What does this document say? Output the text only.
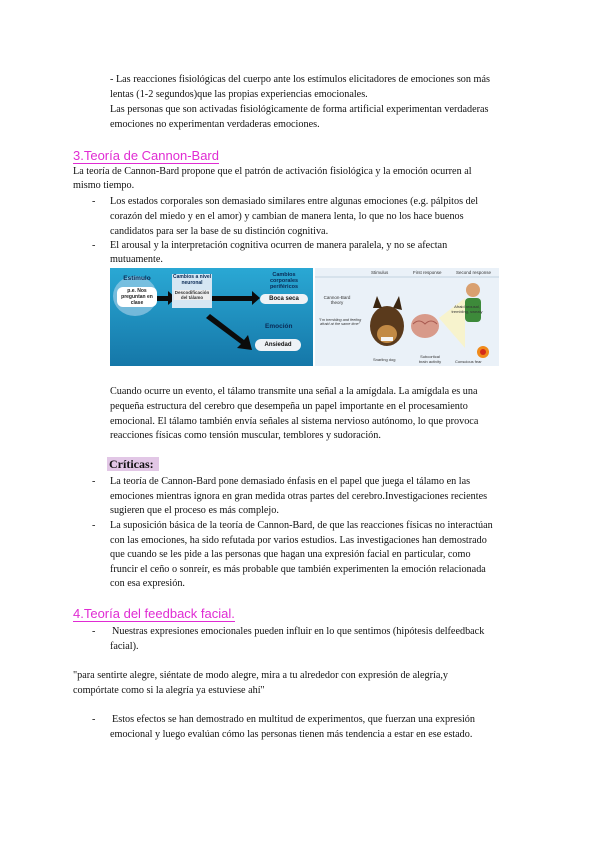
- Las reacciones fisiológicas del cuerpo ante los estímulos elicitadores de emociones son más
lentas (1-2 segundos)que las propias experiencias emocionales.
Las personas que son activadas fisiológicamente de forma artificial experimentan verdaderas
emociones no experimentan verdaderas emociones.
3.Teoría de Cannon-Bard
La teoría de Cannon-Bard propone que el patrón de activación fisiológica y la emoción ocurren al
mismo tiempo.
- Los estados corporales son demasiado similares entre algunas emociones (e.g. pálpitos del
corazón del miedo y en el amor) y cambian de manera lenta, lo que no los hace buenos
candidatos para ser la base de su distinción cognitiva.
- El arousal y la interpretación cognitiva ocurren de manera paralela, y no se afectan
mutuamente.
Estímulo
p.e. Nos preguntan en clase
Cambios a nivel neuronal
Descodificación del tálamo
Cambios corporales periféricos
Boca seca
Emoción
Ansiedad
Stimulus	First response	Second response
Cannon-Bard theory
"I'm trembling and feeling afraid at the same time"
Snarling dog
Subcortical brain activity
Afraid arousal, trembling, sweaty
Conscious fear
Cuando ocurre un evento, el tálamo transmite una señal a la amígdala. La amígdala es una
pequeña estructura del cerebro que desempeña un papel importante en el procesamiento
emocional. El tálamo también envía señales al sistema nervioso autónomo, lo que provoca
reacciones físicas como tensión muscular, temblores y sudoración.
Críticas:
- La teoría de Cannon-Bard pone demasiado énfasis en el papel que juega el tálamo en las
emociones mientras ignora en gran medida otras partes del cerebro.Investigaciones recientes
sugieren que el proceso es más complejo.
- La suposición básica de la teoría de Cannon-Bard, de que las reacciones físicas no interactúan
con las emociones, ha sido refutada por varios estudios. Las investigaciones han demostrado
que cuando se les pide a las personas que hagan una expresión facial en particular, como
fruncir el ceño o sonreír, es más probable que también experimenten la emoción relacionada
con esa expresión.
4.Teoría del feedback facial.
- Nuestras expresiones emocionales pueden influir en lo que sentimos (hipótesis delfeedback
facial).
"para sentirte alegre, siéntate de modo alegre, mira a tu alrededor con expresión de alegría,y
compórtate como si la alegría ya estuviese ahí"
- Estos efectos se han demostrado en multitud de experimentos, que fuerzan una expresión
emocional y luego evalúan cómo las personas tienen más tendencia a estar en ese estado.
